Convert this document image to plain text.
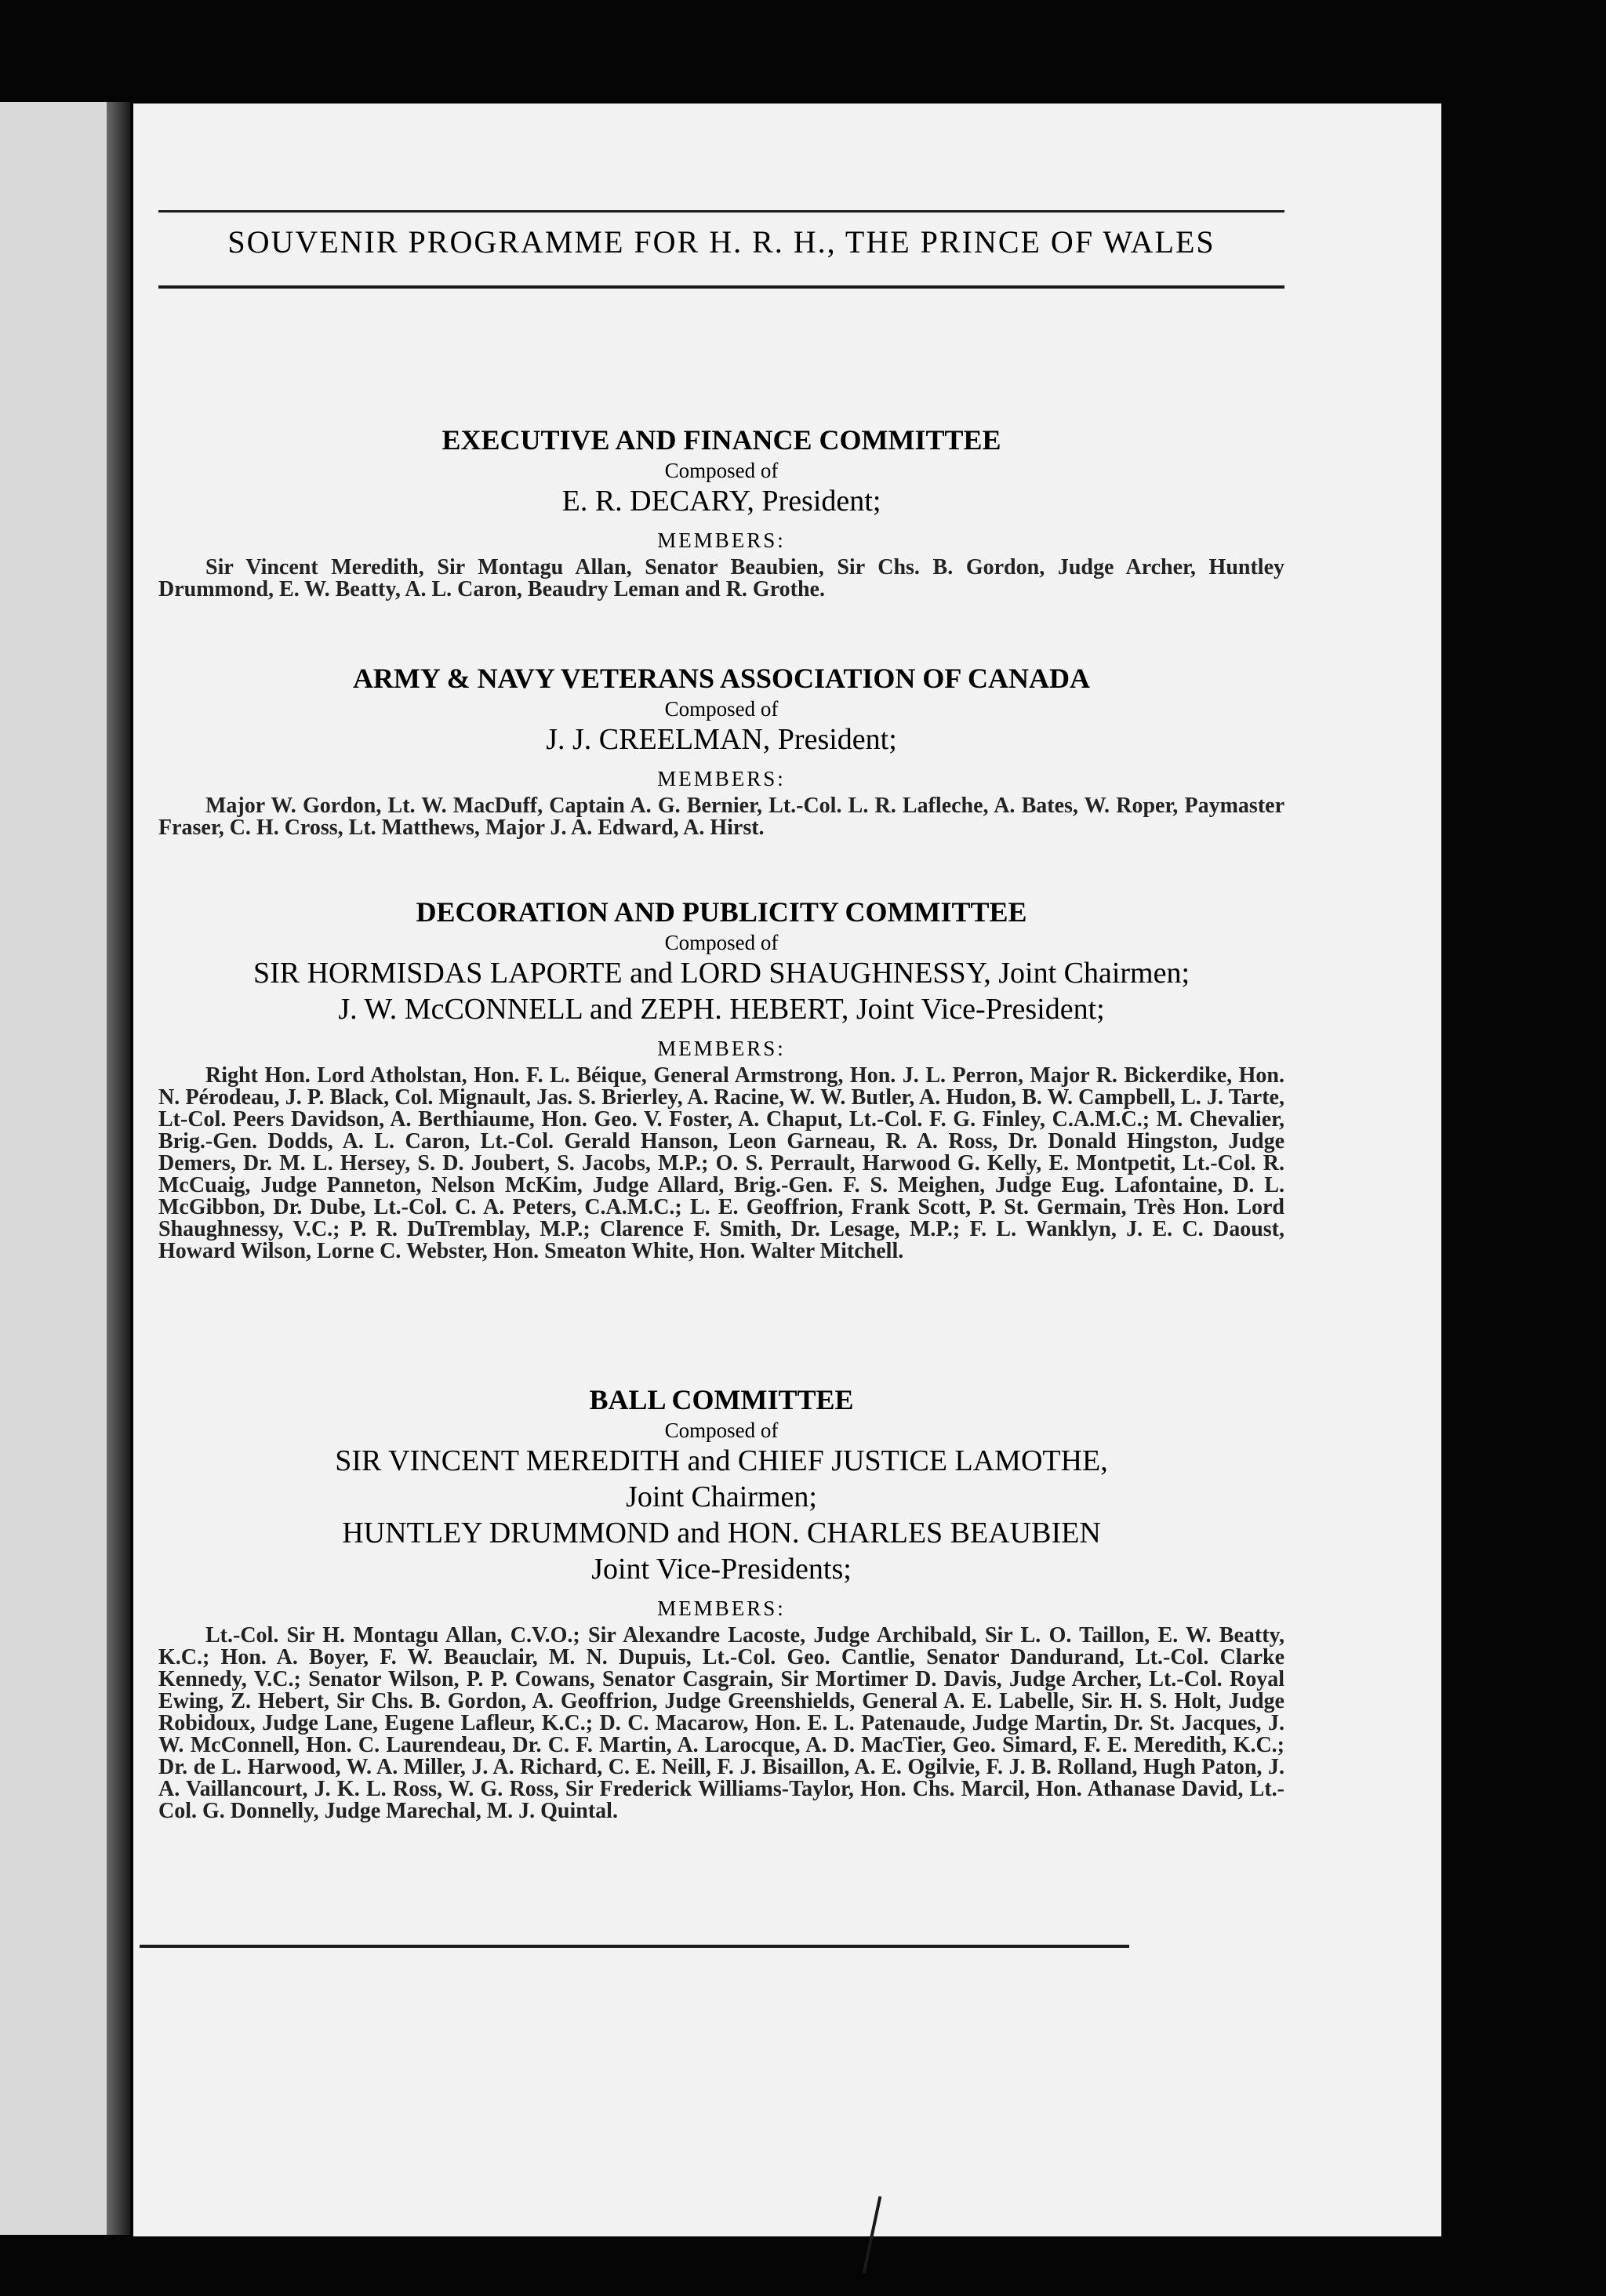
SOUVENIR PROGRAMME FOR H. R. H., THE PRINCE OF WALES

EXECUTIVE AND FINANCE COMMITTEE

Composed of

E. R. DECARY, President;

MEMBERS:

Sir Vincent Meredith, Sir Montagu Allan, Senator Beaubien, Sir Chs. B. Gordon, Judge Archer, Huntley Drummond, E. W. Beatty, A. L. Caron, Beaudry Leman and R. Grothe.

ARMY & NAVY VETERANS ASSOCIATION OF CANADA

Composed of

J. J. CREELMAN, President;

MEMBERS:

Major W. Gordon, Lt. W. MacDuff, Captain A. G. Bernier, Lt.-Col. L. R. Lafleche, A. Bates, W. Roper, Paymaster Fraser, C. H. Cross, Lt. Matthews, Major J. A. Edward, A. Hirst.

DECORATION AND PUBLICITY COMMITTEE

Composed of

SIR HORMISDAS LAPORTE and LORD SHAUGHNESSY, Joint Chairmen;

J. W. McCONNELL and ZEPH. HEBERT, Joint Vice-President;

MEMBERS:

Right Hon. Lord Atholstan, Hon. F. L. Béique, General Armstrong, Hon. J. L. Perron, Major R. Bickerdike, Hon. N. Pérodeau, J. P. Black, Col. Mignault, Jas. S. Brierley, A. Racine, W. W. Butler, A. Hudon, B. W. Campbell, L. J. Tarte, Lt-Col. Peers Davidson, A. Berthiaume, Hon. Geo. V. Foster, A. Chaput, Lt.-Col. F. G. Finley, C.A.M.C.; M. Chevalier, Brig.-Gen. Dodds, A. L. Caron, Lt.-Col. Gerald Hanson, Leon Garneau, R. A. Ross, Dr. Donald Hingston, Judge Demers, Dr. M. L. Hersey, S. D. Joubert, S. Jacobs, M.P.; O. S. Perrault, Harwood G. Kelly, E. Montpetit, Lt.-Col. R. McCuaig, Judge Panneton, Nelson McKim, Judge Allard, Brig.-Gen. F. S. Meighen, Judge Eug. Lafontaine, D. L. McGibbon, Dr. Dube, Lt.-Col. C. A. Peters, C.A.M.C.; L. E. Geoffrion, Frank Scott, P. St. Germain, Très Hon. Lord Shaughnessy, V.C.; P. R. DuTremblay, M.P.; Clarence F. Smith, Dr. Lesage, M.P.; F. L. Wanklyn, J. E. C. Daoust, Howard Wilson, Lorne C. Webster, Hon. Smeaton White, Hon. Walter Mitchell.

BALL COMMITTEE

Composed of

SIR VINCENT MEREDITH and CHIEF JUSTICE LAMOTHE,

Joint Chairmen;

HUNTLEY DRUMMOND and HON. CHARLES BEAUBIEN

Joint Vice-Presidents;

MEMBERS:

Lt.-Col. Sir H. Montagu Allan, C.V.O.; Sir Alexandre Lacoste, Judge Archibald, Sir L. O. Taillon, E. W. Beatty, K.C.; Hon. A. Boyer, F. W. Beauclair, M. N. Dupuis, Lt.-Col. Geo. Cantlie, Senator Dandurand, Lt.-Col. Clarke Kennedy, V.C.; Senator Wilson, P. P. Cowans, Senator Casgrain, Sir Mortimer D. Davis, Judge Archer, Lt.-Col. Royal Ewing, Z. Hebert, Sir Chs. B. Gordon, A. Geoffrion, Judge Greenshields, General A. E. Labelle, Sir. H. S. Holt, Judge Robidoux, Judge Lane, Eugene Lafleur, K.C.; D. C. Macarow, Hon. E. L. Patenaude, Judge Martin, Dr. St. Jacques, J. W. McConnell, Hon. C. Laurendeau, Dr. C. F. Martin, A. Larocque, A. D. MacTier, Geo. Simard, F. E. Meredith, K.C.; Dr. de L. Harwood, W. A. Miller, J. A. Richard, C. E. Neill, F. J. Bisaillon, A. E. Ogilvie, F. J. B. Rolland, Hugh Paton, J. A. Vaillancourt, J. K. L. Ross, W. G. Ross, Sir Frederick Williams-Taylor, Hon. Chs. Marcil, Hon. Athanase David, Lt.-Col. G. Donnelly, Judge Marechal, M. J. Quintal.
